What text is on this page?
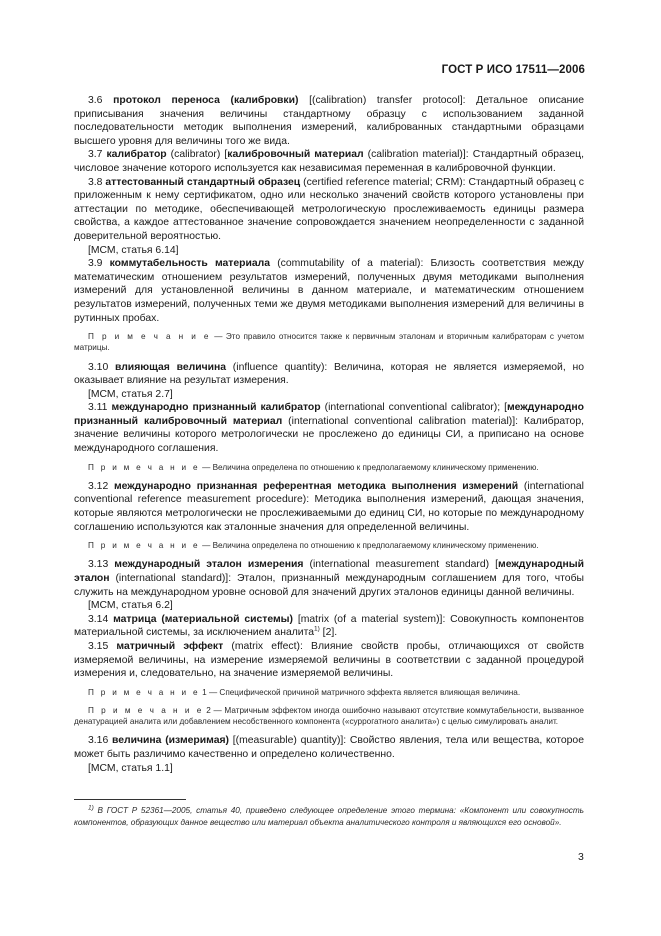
ГОСТ Р ИСО 17511—2006

3.6 протокол переноса (калибровки) [(calibration) transfer protocol]: Детальное описание приписывания значения величины стандартному образцу с использованием заданной последовательности методик выполнения измерений, калиброванных стандартными образцами высшего уровня для величины того же вида.

3.7 калибратор (calibrator) [калибровочный материал (calibration material)]: Стандартный образец, числовое значение которого используется как независимая переменная в калибровочной функции.

3.8 аттестованный стандартный образец (certified reference material; CRM): Стандартный образец с приложенным к нему сертификатом, одно или несколько значений свойств которого установлены при аттестации по методике, обеспечивающей метрологическую прослеживаемость единицы размера свойства, а каждое аттестованное значение сопровождается значением неопределенности с заданной доверительной вероятностью.

[МСМ, статья 6.14]

3.9 коммутабельность материала (commutability of a material): Близость соответствия между математическим отношением результатов измерений, полученных двумя методиками выполнения измерений для установленной величины в данном материале, и математическим отношением результатов измерений, полученных теми же двумя методиками выполнения измерений для величины в рутинных пробах.

П р и м е ч а н и е — Это правило относится также к первичным эталонам и вторичным калибраторам с учетом матрицы.

3.10 влияющая величина (influence quantity): Величина, которая не является измеряемой, но оказывает влияние на результат измерения.

[МСМ, статья 2.7]

3.11 международно признанный калибратор (international conventional calibrator); [международно признанный калибровочный материал (international conventional calibration material)]: Калибратор, значение величины которого метрологически не прослежено до единицы СИ, а приписано на основе международного соглашения.

П р и м е ч а н и е — Величина определена по отношению к предполагаемому клиническому применению.

3.12 международно признанная референтная методика выполнения измерений (international conventional reference measurement procedure): Методика выполнения измерений, дающая значения, которые являются метрологически не прослеживаемыми до единиц СИ, но которые по международному соглашению используются как эталонные значения для определенной величины.

П р и м е ч а н и е — Величина определена по отношению к предполагаемому клиническому применению.

3.13 международный эталон измерения (international measurement standard) [международный эталон (international standard)]: Эталон, признанный международным соглашением для того, чтобы служить на международном уровне основой для значений других эталонов единицы данной величины.

[МСМ, статья 6.2]

3.14 матрица (материальной системы) [matrix (of a material system)]: Совокупность компонентов материальной системы, за исключением аналита$^{1)}$ [2].

3.15 матричный эффект (matrix effect): Влияние свойств пробы, отличающихся от свойств измеряемой величины, на измерение измеряемой величины в соответствии с заданной процедурой измерения и, следовательно, на значение измеряемой величины.

П р и м е ч а н и е 1 — Специфической причиной матричного эффекта является влияющая величина.

П р и м е ч а н и е 2 — Матричным эффектом иногда ошибочно называют отсутствие коммутабельности, вызванное денатурацией аналита или добавлением несобственного компонента («суррогатного аналита») с целью симулировать аналит.

3.16 величина (измеримая) [(measurable) quantity)]: Свойство явления, тела или вещества, которое может быть различимо качественно и определено количественно.

[МСМ, статья 1.1]

$^{1)}$ В ГОСТ Р 52361—2005, статья 40, приведено следующее определение этого термина: «Компонент или совокупность компонентов, образующих данное вещество или материал объекта аналитического контроля и являющихся его основой».
3
